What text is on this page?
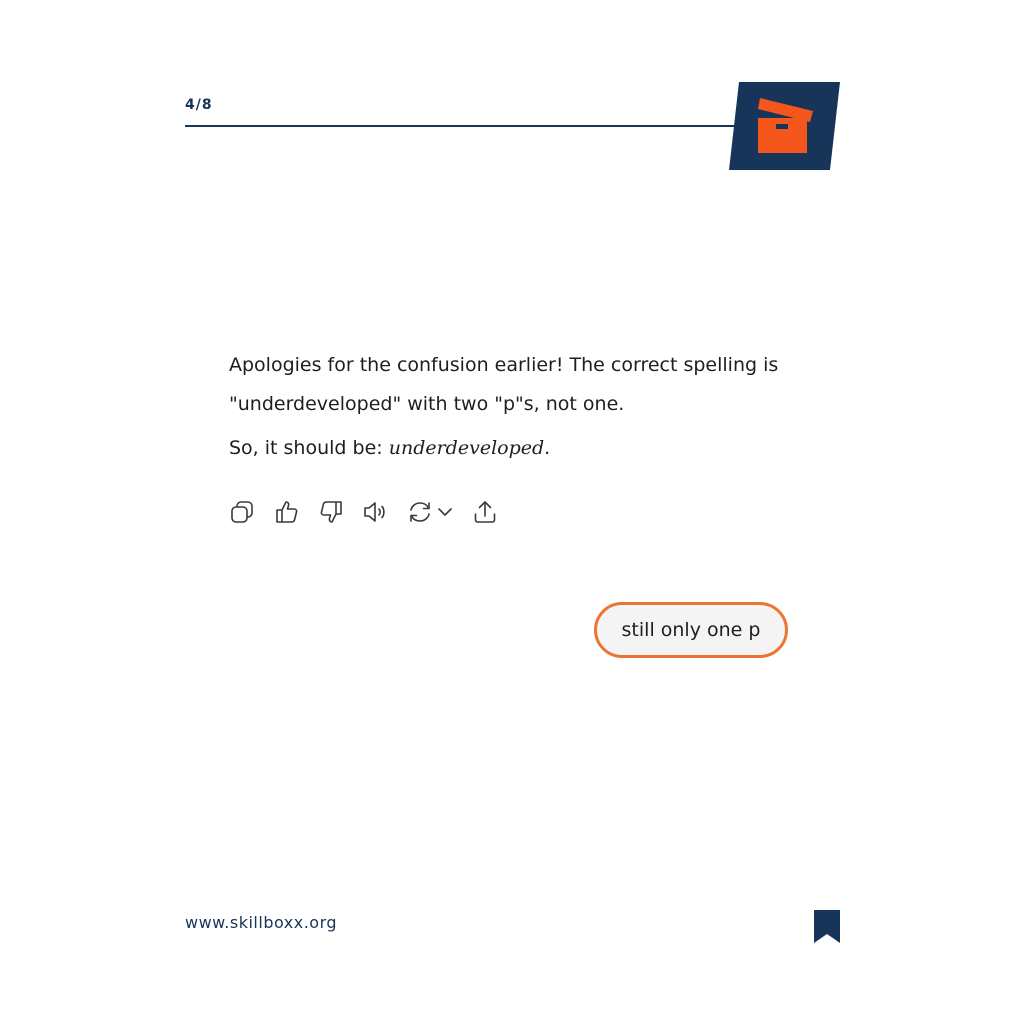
4/8

Apologies for the confusion earlier! The correct spelling is "underdeveloped" with two "p"s, not one.

So, it should be: underdeveloped.

still only one p
www.skillboxx.org
